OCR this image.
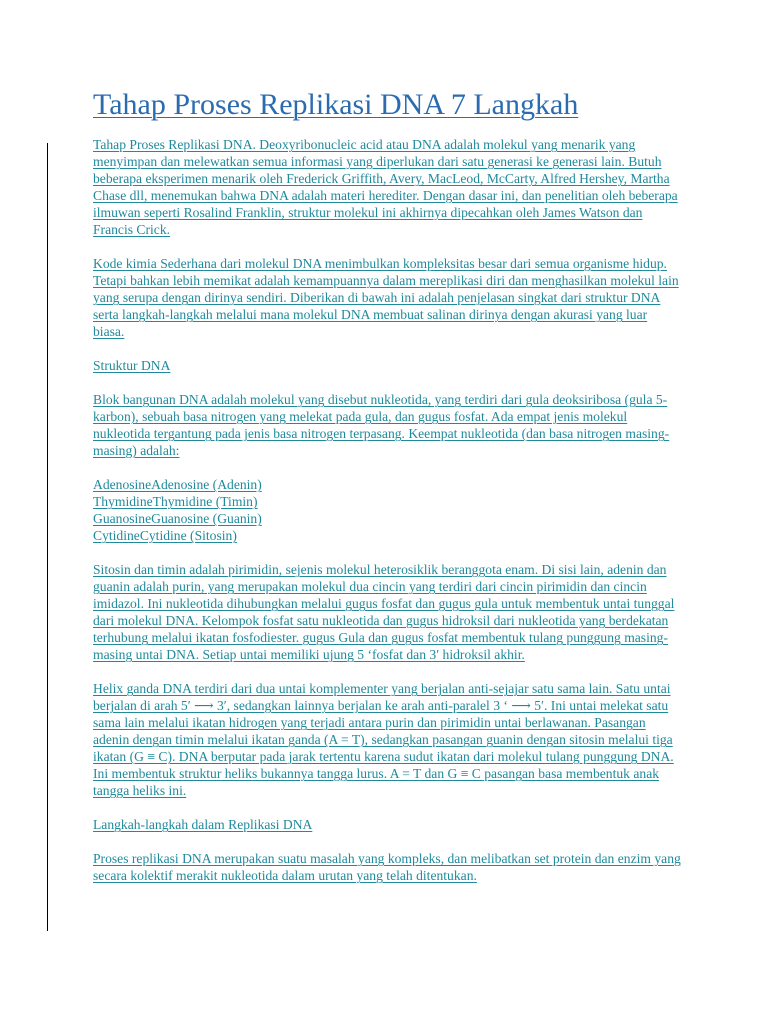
Tahap Proses Replikasi DNA 7 Langkah

Tahap Proses Replikasi DNA. Deoxyribonucleic acid atau DNA adalah molekul yang menarik yang menyimpan dan melewatkan semua informasi yang diperlukan dari satu generasi ke generasi lain. Butuh beberapa eksperimen menarik oleh Frederick Griffith, Avery, MacLeod, McCarty, Alfred Hershey, Martha Chase dll, menemukan bahwa DNA adalah materi herediter. Dengan dasar ini, dan penelitian oleh beberapa ilmuwan seperti Rosalind Franklin, struktur molekul ini akhirnya dipecahkan oleh James Watson dan Francis Crick.

Kode kimia Sederhana dari molekul DNA menimbulkan kompleksitas besar dari semua organisme hidup. Tetapi bahkan lebih memikat adalah kemampuannya dalam mereplikasi diri dan menghasilkan molekul lain yang serupa dengan dirinya sendiri. Diberikan di bawah ini adalah penjelasan singkat dari struktur DNA serta langkah-langkah melalui mana molekul DNA membuat salinan dirinya dengan akurasi yang luar biasa.

Struktur DNA

Blok bangunan DNA adalah molekul yang disebut nukleotida, yang terdiri dari gula deoksiribosa (gula 5-karbon), sebuah basa nitrogen yang melekat pada gula, dan gugus fosfat. Ada empat jenis molekul nukleotida tergantung pada jenis basa nitrogen terpasang. Keempat nukleotida (dan basa nitrogen masing-masing) adalah:

AdenosineAdenosine (Adenin)
ThymidineThymidine (Timin)
GuanosineGuanosine (Guanin)
CytidineCytidine (Sitosin)

Sitosin dan timin adalah pirimidin, sejenis molekul heterosiklik beranggota enam. Di sisi lain, adenin dan guanin adalah purin, yang merupakan molekul dua cincin yang terdiri dari cincin pirimidin dan cincin imidazol. Ini nukleotida dihubungkan melalui gugus fosfat dan gugus gula untuk membentuk untai tunggal dari molekul DNA. Kelompok fosfat satu nukleotida dan gugus hidroksil dari nukleotida yang berdekatan terhubung melalui ikatan fosfodiester. gugus Gula dan gugus fosfat membentuk tulang punggung masing-masing untai DNA. Setiap untai memiliki ujung 5 ‘fosfat dan 3′ hidroksil akhir.

Helix ganda DNA terdiri dari dua untai komplementer yang berjalan anti-sejajar satu sama lain. Satu untai berjalan di arah 5′ ⟶ 3′, sedangkan lainnya berjalan ke arah anti-paralel 3 ‘ ⟶ 5′. Ini untai melekat satu sama lain melalui ikatan hidrogen yang terjadi antara purin dan pirimidin untai berlawanan. Pasangan adenin dengan timin melalui ikatan ganda (A = T), sedangkan pasangan guanin dengan sitosin melalui tiga ikatan (G ≡ C). DNA berputar pada jarak tertentu karena sudut ikatan dari molekul tulang punggung DNA. Ini membentuk struktur heliks bukannya tangga lurus. A = T dan G ≡ C pasangan basa membentuk anak tangga heliks ini.

Langkah-langkah dalam Replikasi DNA

Proses replikasi DNA merupakan suatu masalah yang kompleks, dan melibatkan set protein dan enzim yang secara kolektif merakit nukleotida dalam urutan yang telah ditentukan.
